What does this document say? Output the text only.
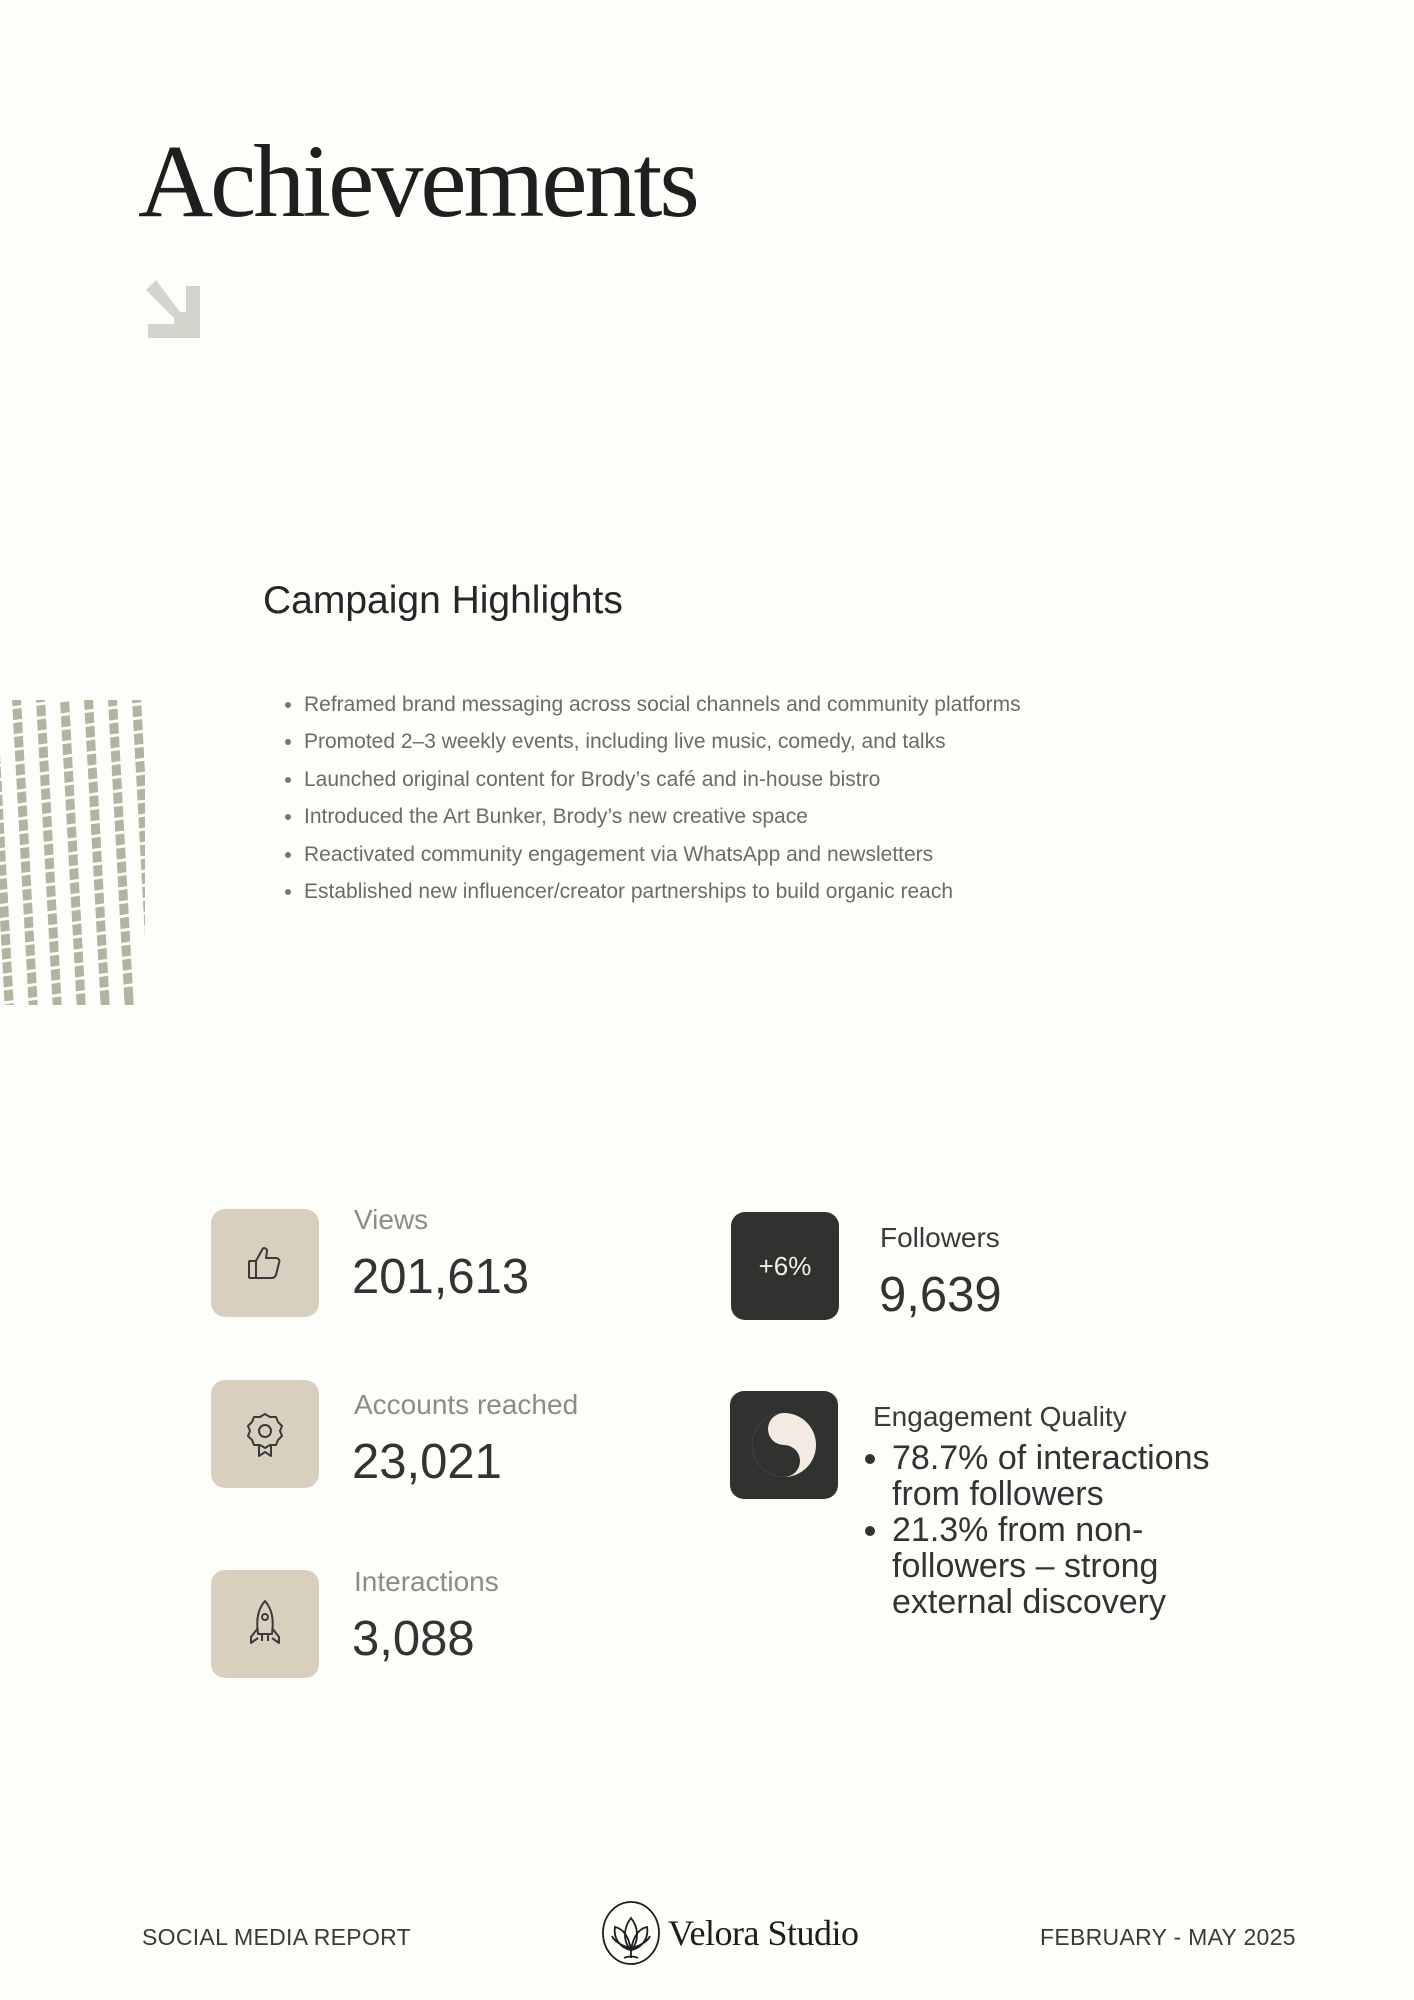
Achievements
Campaign Highlights
• Reframed brand messaging across social channels and community platforms
• Promoted 2–3 weekly events, including live music, comedy, and talks
• Launched original content for Brody’s café and in-house bistro
• Introduced the Art Bunker, Brody’s new creative space
• Reactivated community engagement via WhatsApp and newsletters
• Established new influencer/creator partnerships to build organic reach

Views

201,613

Accounts reached

23,021

Interactions

3,088

+6%

Followers

9,639

Engagement Quality

• 78.7% of interactions from followers
• 21.3% from non-followers – strong external discovery
SOCIAL MEDIA REPORT	Velora Studio	FEBRUARY - MAY 2025
